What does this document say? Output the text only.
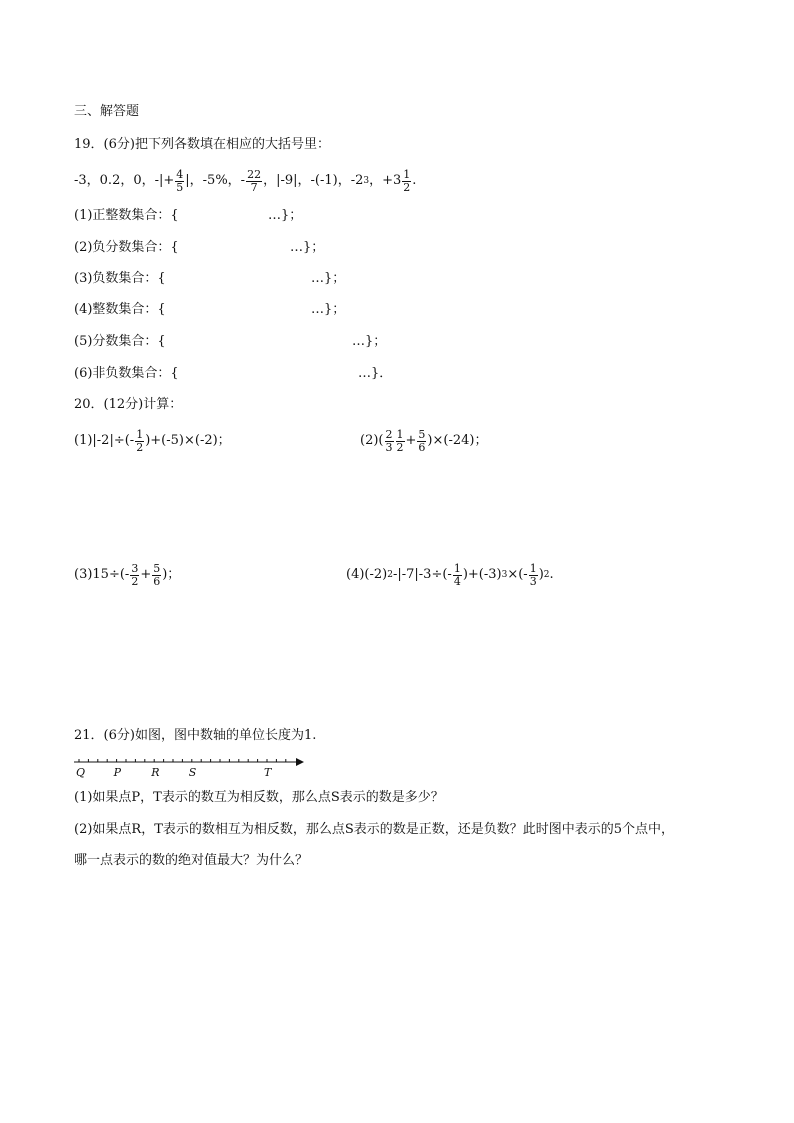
三、解答题
19．(6分)把下列各数填在相应的大括号里：
-3，0.2，0，-|+ $\frac{4}{5}$ |，-5%，- $\frac{22}{7}$ ，|-9|，-(-1)，-2 3 ，$+3 \frac{1}{2}$ .
(1)正整数集合：{	…}；
(2)负分数集合：{	…}；
(3)负数集合：{	…}；
(4)整数集合：{	…}；
(5)分数集合：{	…}；
(6)非负数集合：{	…}．
20．(12分)计算：
$(1)|-2|\div(- \frac{1}{2} )+(-5)\times(-2)$；	$(2)( \frac{2}{3} \frac{1}{2} + \frac{5}{6} )\times(-24)$；
$(3)15\div(- \frac{3}{2} + \frac{5}{6}$ )；	(4)(-2) 2 $-|-7|-3\div(- \frac{1}{4} )+(-3)$ 3 ×(- $\frac{1}{3}$ ) 2 .
21．(6分)如图，图中数轴的单位长度为1.
Q	P	R	S	T
(1)如果点P，T表示的数互为相反数，那么点S表示的数是多少？
(2)如果点R，T表示的数相互为相反数，那么点S表示的数是正数，还是负数？此时图中表示的5个点中，
哪一点表示的数的绝对值最大？为什么？
